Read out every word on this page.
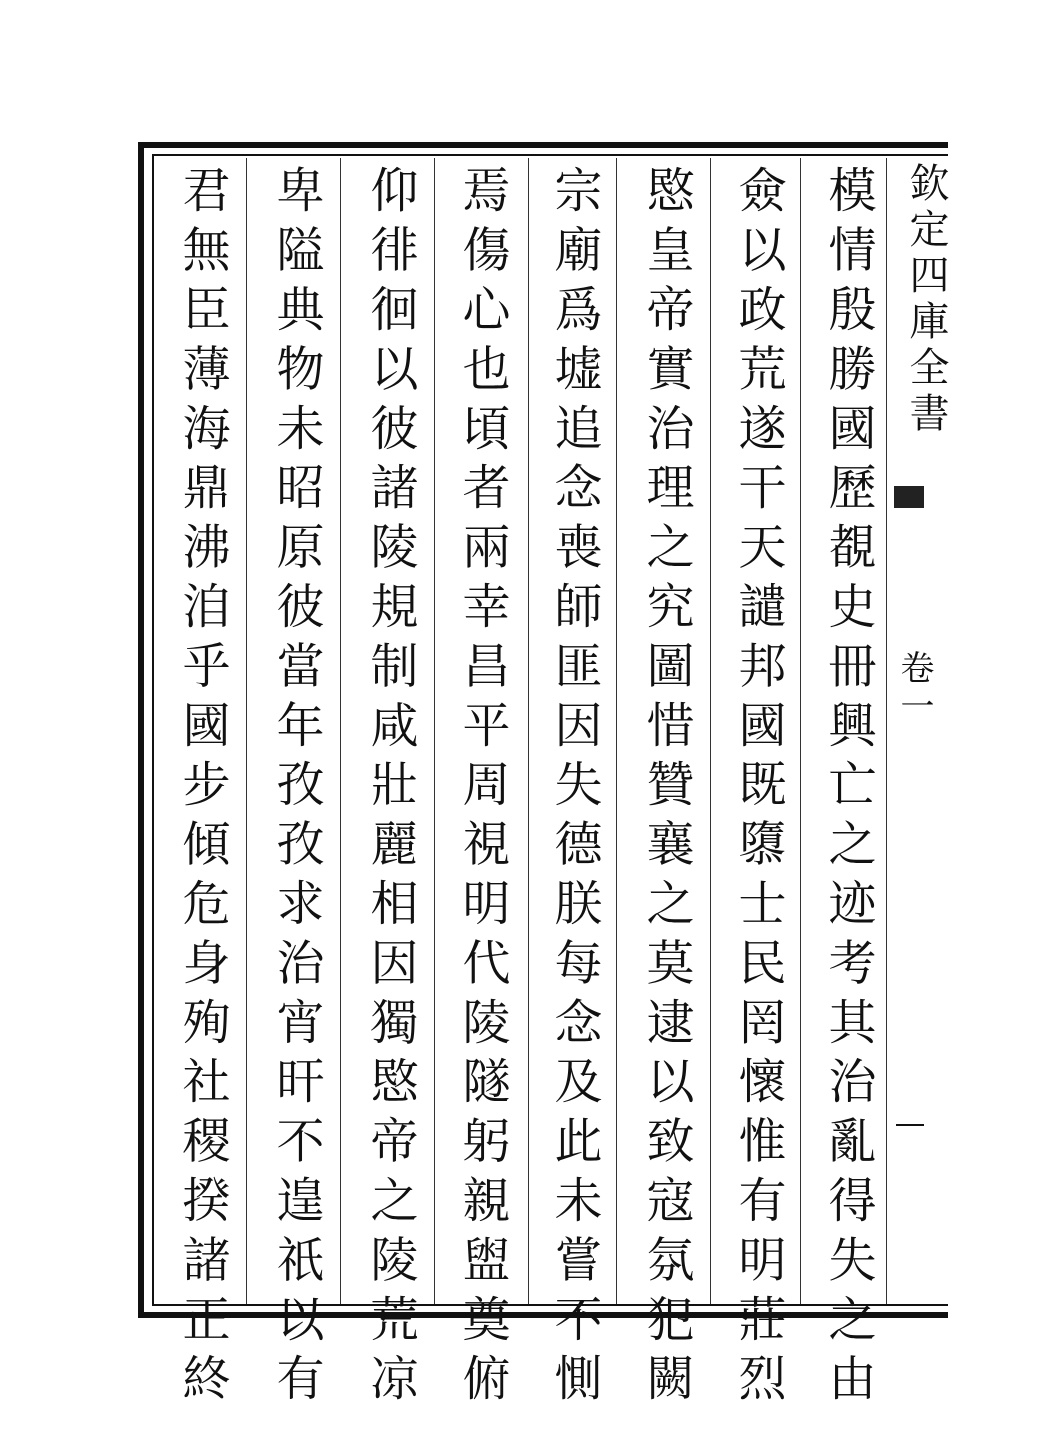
模情殷勝國歷覩史冊興亡之迹考其治亂得失之由
僉以政荒遂干天譴邦國既隳士民罔懷惟有明莊烈
愍皇帝實治理之究圖惜贊襄之莫逮以致寇氛犯闕
宗廟爲墟追念喪師匪因失德朕每念及此未嘗不惻
焉傷心也頃者兩幸昌平周視明代陵隧躬親盥奠俯
仰徘徊以彼諸陵規制咸壯麗相因獨愍帝之陵荒凉
卑隘典物未昭原彼當年孜孜求治宵旰不遑祇以有
君無臣薄海鼎沸洎乎國步傾危身殉社稷揆諸正終	欽定四庫全書
卷一
